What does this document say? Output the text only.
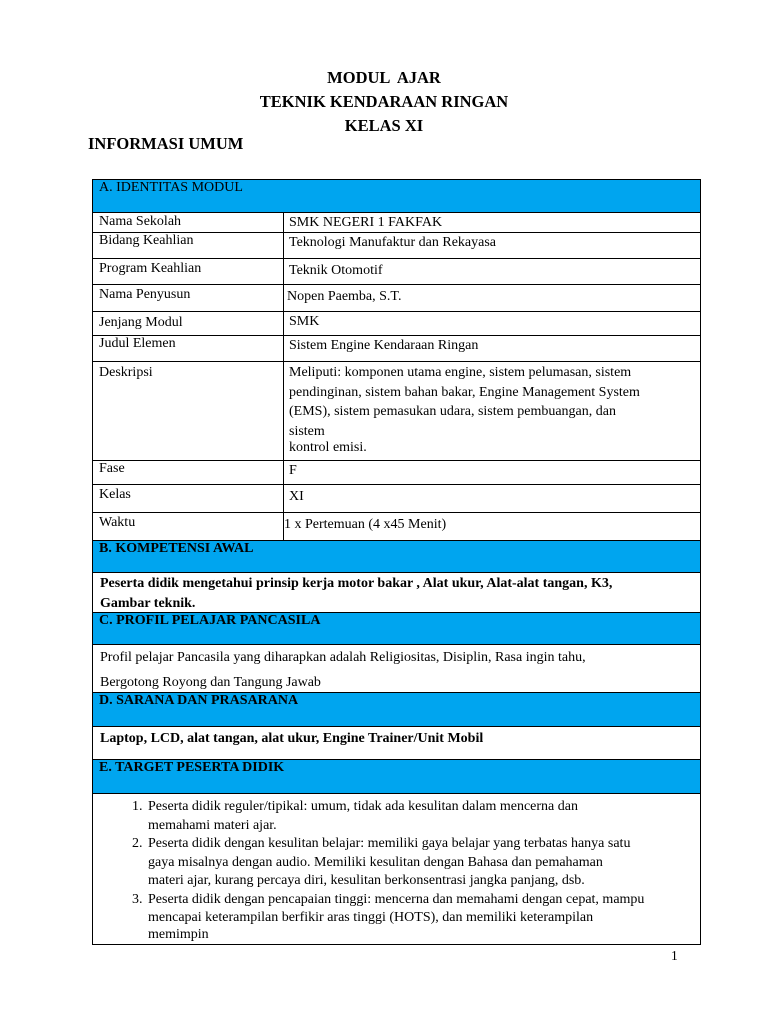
MODUL  AJAR
TEKNIK KENDARAAN RINGAN
KELAS XI
INFORMASI UMUM
A. IDENTITAS MODUL
Nama Sekolah	SMK NEGERI 1 FAKFAK
Bidang Keahlian	Teknologi Manufaktur dan Rekayasa
Program Keahlian	Teknik Otomotif
Nama Penyusun	Nopen Paemba, S.T.
Jenjang Modul	SMK
Judul Elemen	Sistem Engine Kendaraan Ringan
Deskripsi	Meliputi: komponen utama engine, sistem pelumasan, sistem
pendinginan, sistem bahan bakar, Engine Management System
(EMS), sistem pemasukan udara, sistem pembuangan, dan
sistem
kontrol emisi.
Fase	F
Kelas	XI
Waktu	1 x Pertemuan (4 x45 Menit)
B. KOMPETENSI AWAL
Peserta didik mengetahui prinsip kerja motor bakar , Alat ukur, Alat-alat tangan, K3,
Gambar teknik.
C. PROFIL PELAJAR PANCASILA
Profil pelajar Pancasila yang diharapkan adalah Religiositas, Disiplin, Rasa ingin tahu,
Bergotong Royong dan Tangung Jawab
D. SARANA DAN PRASARANA
Laptop, LCD, alat tangan, alat ukur, Engine Trainer/Unit Mobil
E. TARGET PESERTA DIDIK
1. Peserta didik reguler/tipikal: umum, tidak ada kesulitan dalam mencerna dan
memahami materi ajar.
2. Peserta didik dengan kesulitan belajar: memiliki gaya belajar yang terbatas hanya satu
gaya misalnya dengan audio. Memiliki kesulitan dengan Bahasa dan pemahaman
materi ajar, kurang percaya diri, kesulitan berkonsentrasi jangka panjang, dsb.
3. Peserta didik dengan pencapaian tinggi: mencerna dan memahami dengan cepat, mampu
mencapai keterampilan berfikir aras tinggi (HOTS), dan memiliki keterampilan
memimpin
1
